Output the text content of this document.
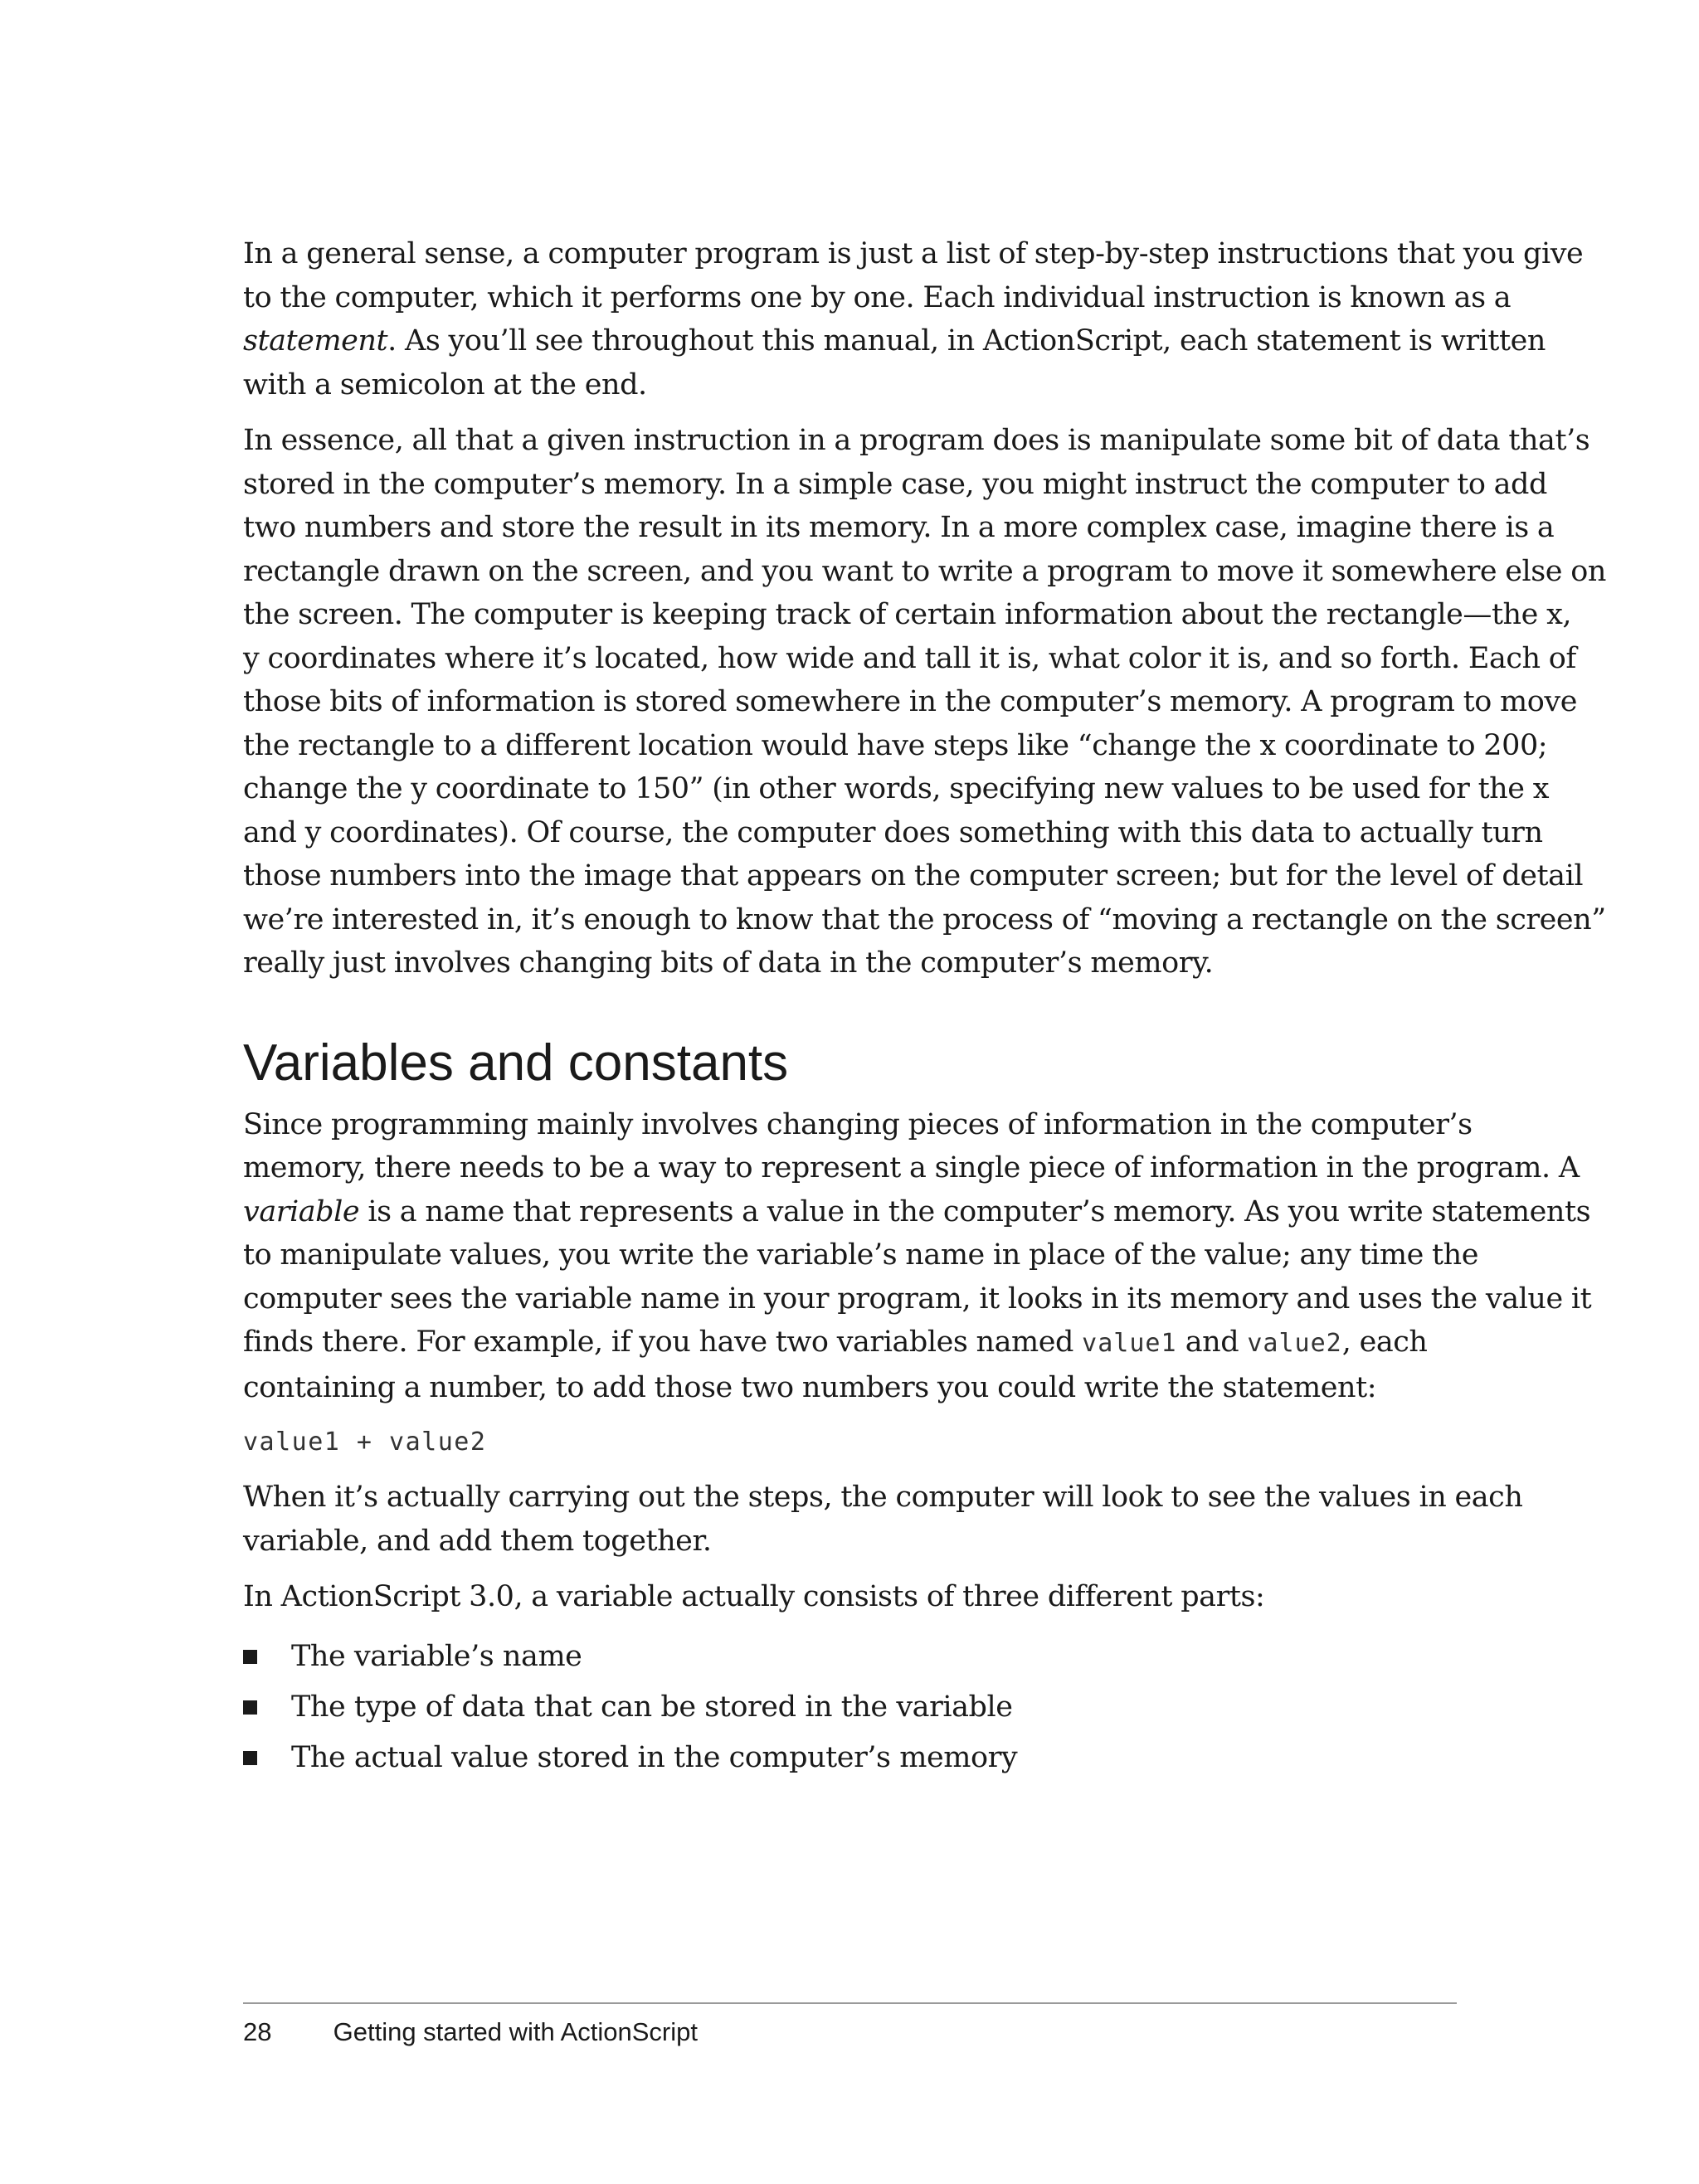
In a general sense, a computer program is just a list of step-by-step instructions that you give
to the computer, which it performs one by one. Each individual instruction is known as a
statement. As you’ll see throughout this manual, in ActionScript, each statement is written
with a semicolon at the end.

In essence, all that a given instruction in a program does is manipulate some bit of data that’s
stored in the computer’s memory. In a simple case, you might instruct the computer to add
two numbers and store the result in its memory. In a more complex case, imagine there is a
rectangle drawn on the screen, and you want to write a program to move it somewhere else on
the screen. The computer is keeping track of certain information about the rectangle—the x,
y coordinates where it’s located, how wide and tall it is, what color it is, and so forth. Each of
those bits of information is stored somewhere in the computer’s memory. A program to move
the rectangle to a different location would have steps like “change the x coordinate to 200;
change the y coordinate to 150” (in other words, specifying new values to be used for the x
and y coordinates). Of course, the computer does something with this data to actually turn
those numbers into the image that appears on the computer screen; but for the level of detail
we’re interested in, it’s enough to know that the process of “moving a rectangle on the screen”
really just involves changing bits of data in the computer’s memory.

Variables and constants

Since programming mainly involves changing pieces of information in the computer’s
memory, there needs to be a way to represent a single piece of information in the program. A
variable is a name that represents a value in the computer’s memory. As you write statements
to manipulate values, you write the variable’s name in place of the value; any time the
computer sees the variable name in your program, it looks in its memory and uses the value it
finds there. For example, if you have two variables named value1 and value2, each
containing a number, to add those two numbers you could write the statement:

value1 + value2

When it’s actually carrying out the steps, the computer will look to see the values in each
variable, and add them together.

In ActionScript 3.0, a variable actually consists of three different parts:

The variable’s name
The type of data that can be stored in the variable
The actual value stored in the computer’s memory
28 Getting started with ActionScript
